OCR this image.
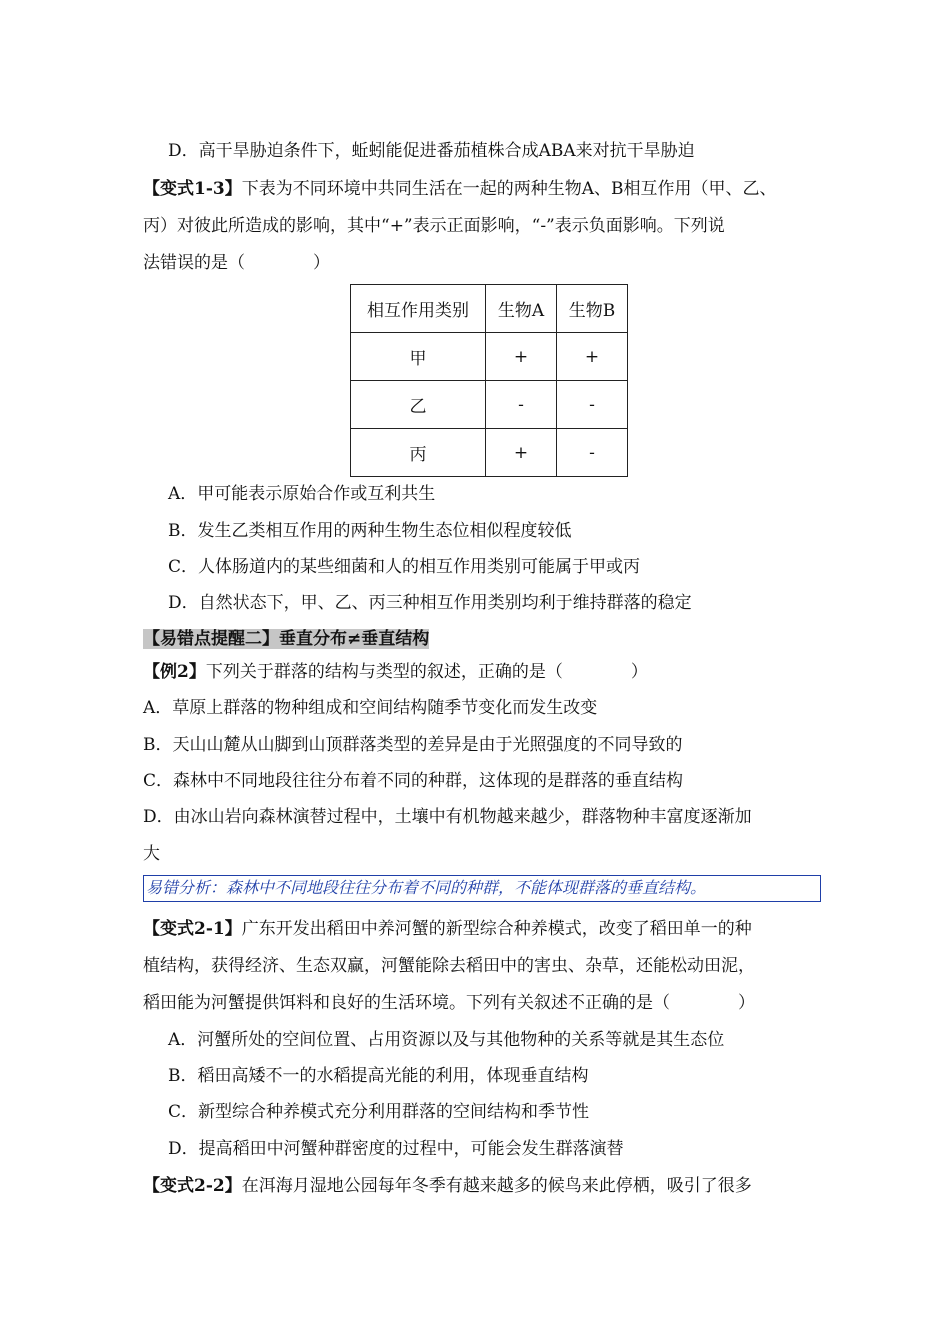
D．高干旱胁迫条件下，蚯蚓能促进番茄植株合成ABA来对抗干旱胁迫
【变式1-3】下表为不同环境中共同生活在一起的两种生物A、B相互作用（甲、乙、
丙）对彼此所造成的影响，其中“+”表示正面影响，“-”表示负面影响。下列说
法错误的是（　　　　）
相互作用类别	生物A	生物B
甲	+	+
乙	-	-
丙	+	-
A．甲可能表示原始合作或互利共生
B．发生乙类相互作用的两种生物生态位相似程度较低
C．人体肠道内的某些细菌和人的相互作用类别可能属于甲或丙
D．自然状态下，甲、乙、丙三种相互作用类别均利于维持群落的稳定
【易错点提醒二】垂直分布≠垂直结构
【例2】下列关于群落的结构与类型的叙述，正确的是（　　　　）
A．草原上群落的物种组成和空间结构随季节变化而发生改变
B．天山山麓从山脚到山顶群落类型的差异是由于光照强度的不同导致的
C．森林中不同地段往往分布着不同的种群，这体现的是群落的垂直结构
D．由冰山岩向森林演替过程中，土壤中有机物越来越少，群落物种丰富度逐渐加
大
易错分析：森林中不同地段往往分布着不同的种群，不能体现群落的垂直结构。
【变式2-1】广东开发出稻田中养河蟹的新型综合种养模式，改变了稻田单一的种
植结构，获得经济、生态双赢，河蟹能除去稻田中的害虫、杂草，还能松动田泥，
稻田能为河蟹提供饵料和良好的生活环境。下列有关叙述不正确的是（　　　　）
A．河蟹所处的空间位置、占用资源以及与其他物种的关系等就是其生态位
B．稻田高矮不一的水稻提高光能的利用，体现垂直结构
C．新型综合种养模式充分利用群落的空间结构和季节性
D．提高稻田中河蟹种群密度的过程中，可能会发生群落演替
【变式2-2】在洱海月湿地公园每年冬季有越来越多的候鸟来此停栖，吸引了很多
